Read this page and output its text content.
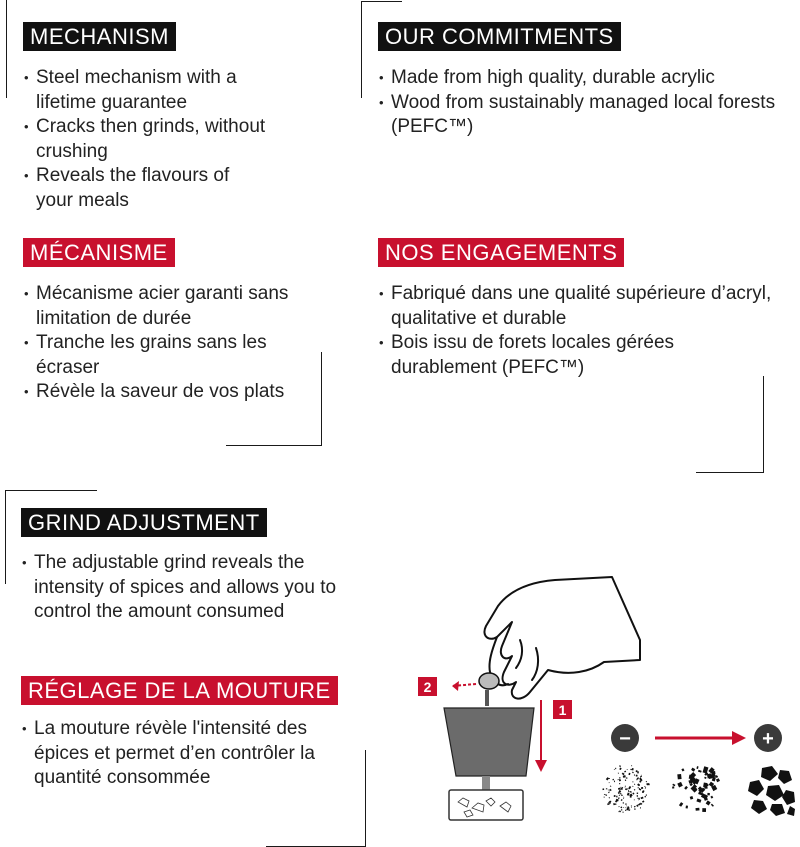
MECHANISM
• Steel mechanism with a lifetime guarantee
• Cracks then grinds, without crushing
• Reveals the flavours of your meals
OUR COMMITMENTS
• Made from high quality, durable acrylic
• Wood from sustainably managed local forests (PEFC™)
MÉCANISME
• Mécanisme acier garanti sans limitation de durée
• Tranche les grains sans les écraser
• Révèle la saveur de vos plats
NOS ENGAGEMENTS
• Fabriqué dans une qualité supérieure d’acryl, qualitative et durable
• Bois issu de forets locales gérées durablement (PEFC™)
GRIND ADJUSTMENT
• The adjustable grind reveals the intensity of spices and allows you to control the amount consumed
RÉGLAGE DE LA MOUTURE
• La mouture révèle l'intensité des épices et permet d’en contrôler la quantité consommée
2
1
−	+
